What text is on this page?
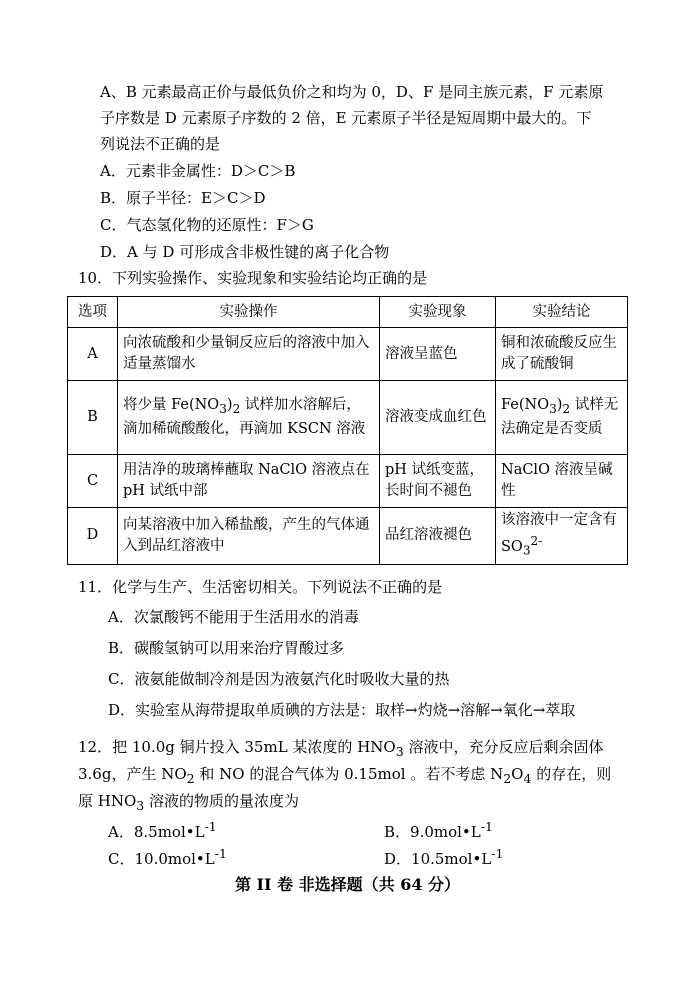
A、B 元素最高正价与最低负价之和均为 0，D、F 是同主族元素，F 元素原
子序数是 D 元素原子序数的 2 倍，E 元素原子半径是短周期中最大的。下
列说法不正确的是
A．元素非金属性：D＞C＞B
B．原子半径：E＞C＞D
C．气态氢化物的还原性：F＞G
D．A 与 D 可形成含非极性键的离子化合物
10．下列实验操作、实验现象和实验结论均正确的是
选项	实验操作	实验现象	实验结论
A	向浓硫酸和少量铜反应后的溶液中加入适量蒸馏水	溶液呈蓝色	铜和浓硫酸反应生成了硫酸铜
B	将少量 $Fe(NO_3)_2$ 试样加水溶解后，滴加稀硫酸酸化，再滴加 KSCN 溶液	溶液变成血红色	$Fe(NO_3)_2$ 试样无法确定是否变质
C	用洁净的玻璃棒蘸取 NaClO 溶液点在 pH 试纸中部	pH 试纸变蓝，长时间不褪色	NaClO 溶液呈碱性
D	向某溶液中加入稀盐酸，产生的气体通入到品红溶液中	品红溶液褪色	该溶液中一定含有 $SO_3^{2-}$
11．化学与生产、生活密切相关。下列说法不正确的是
A．次氯酸钙不能用于生活用水的消毒
B．碳酸氢钠可以用来治疗胃酸过多
C．液氨能做制冷剂是因为液氨汽化时吸收大量的热
D．实验室从海带提取单质碘的方法是：取样→灼烧→溶解→氧化→萃取
12．把 10.0g 铜片投入 35mL 某浓度的 $HNO_3$ 溶液中，充分反应后剩余固体
3.6g，产生 $NO_2$ 和 NO 的混合气体为 0.15mol 。若不考虑 $N_2O_4$ 的存在，则
原 $HNO_3$ 溶液的物质的量浓度为
A．$8.5mol•L^{-1}$	B．$9.0mol•L^{-1}$
C．$10.0mol•L^{-1}$	D．$10.5mol•L^{-1}$
第 II 卷 非选择题（共 64 分）
